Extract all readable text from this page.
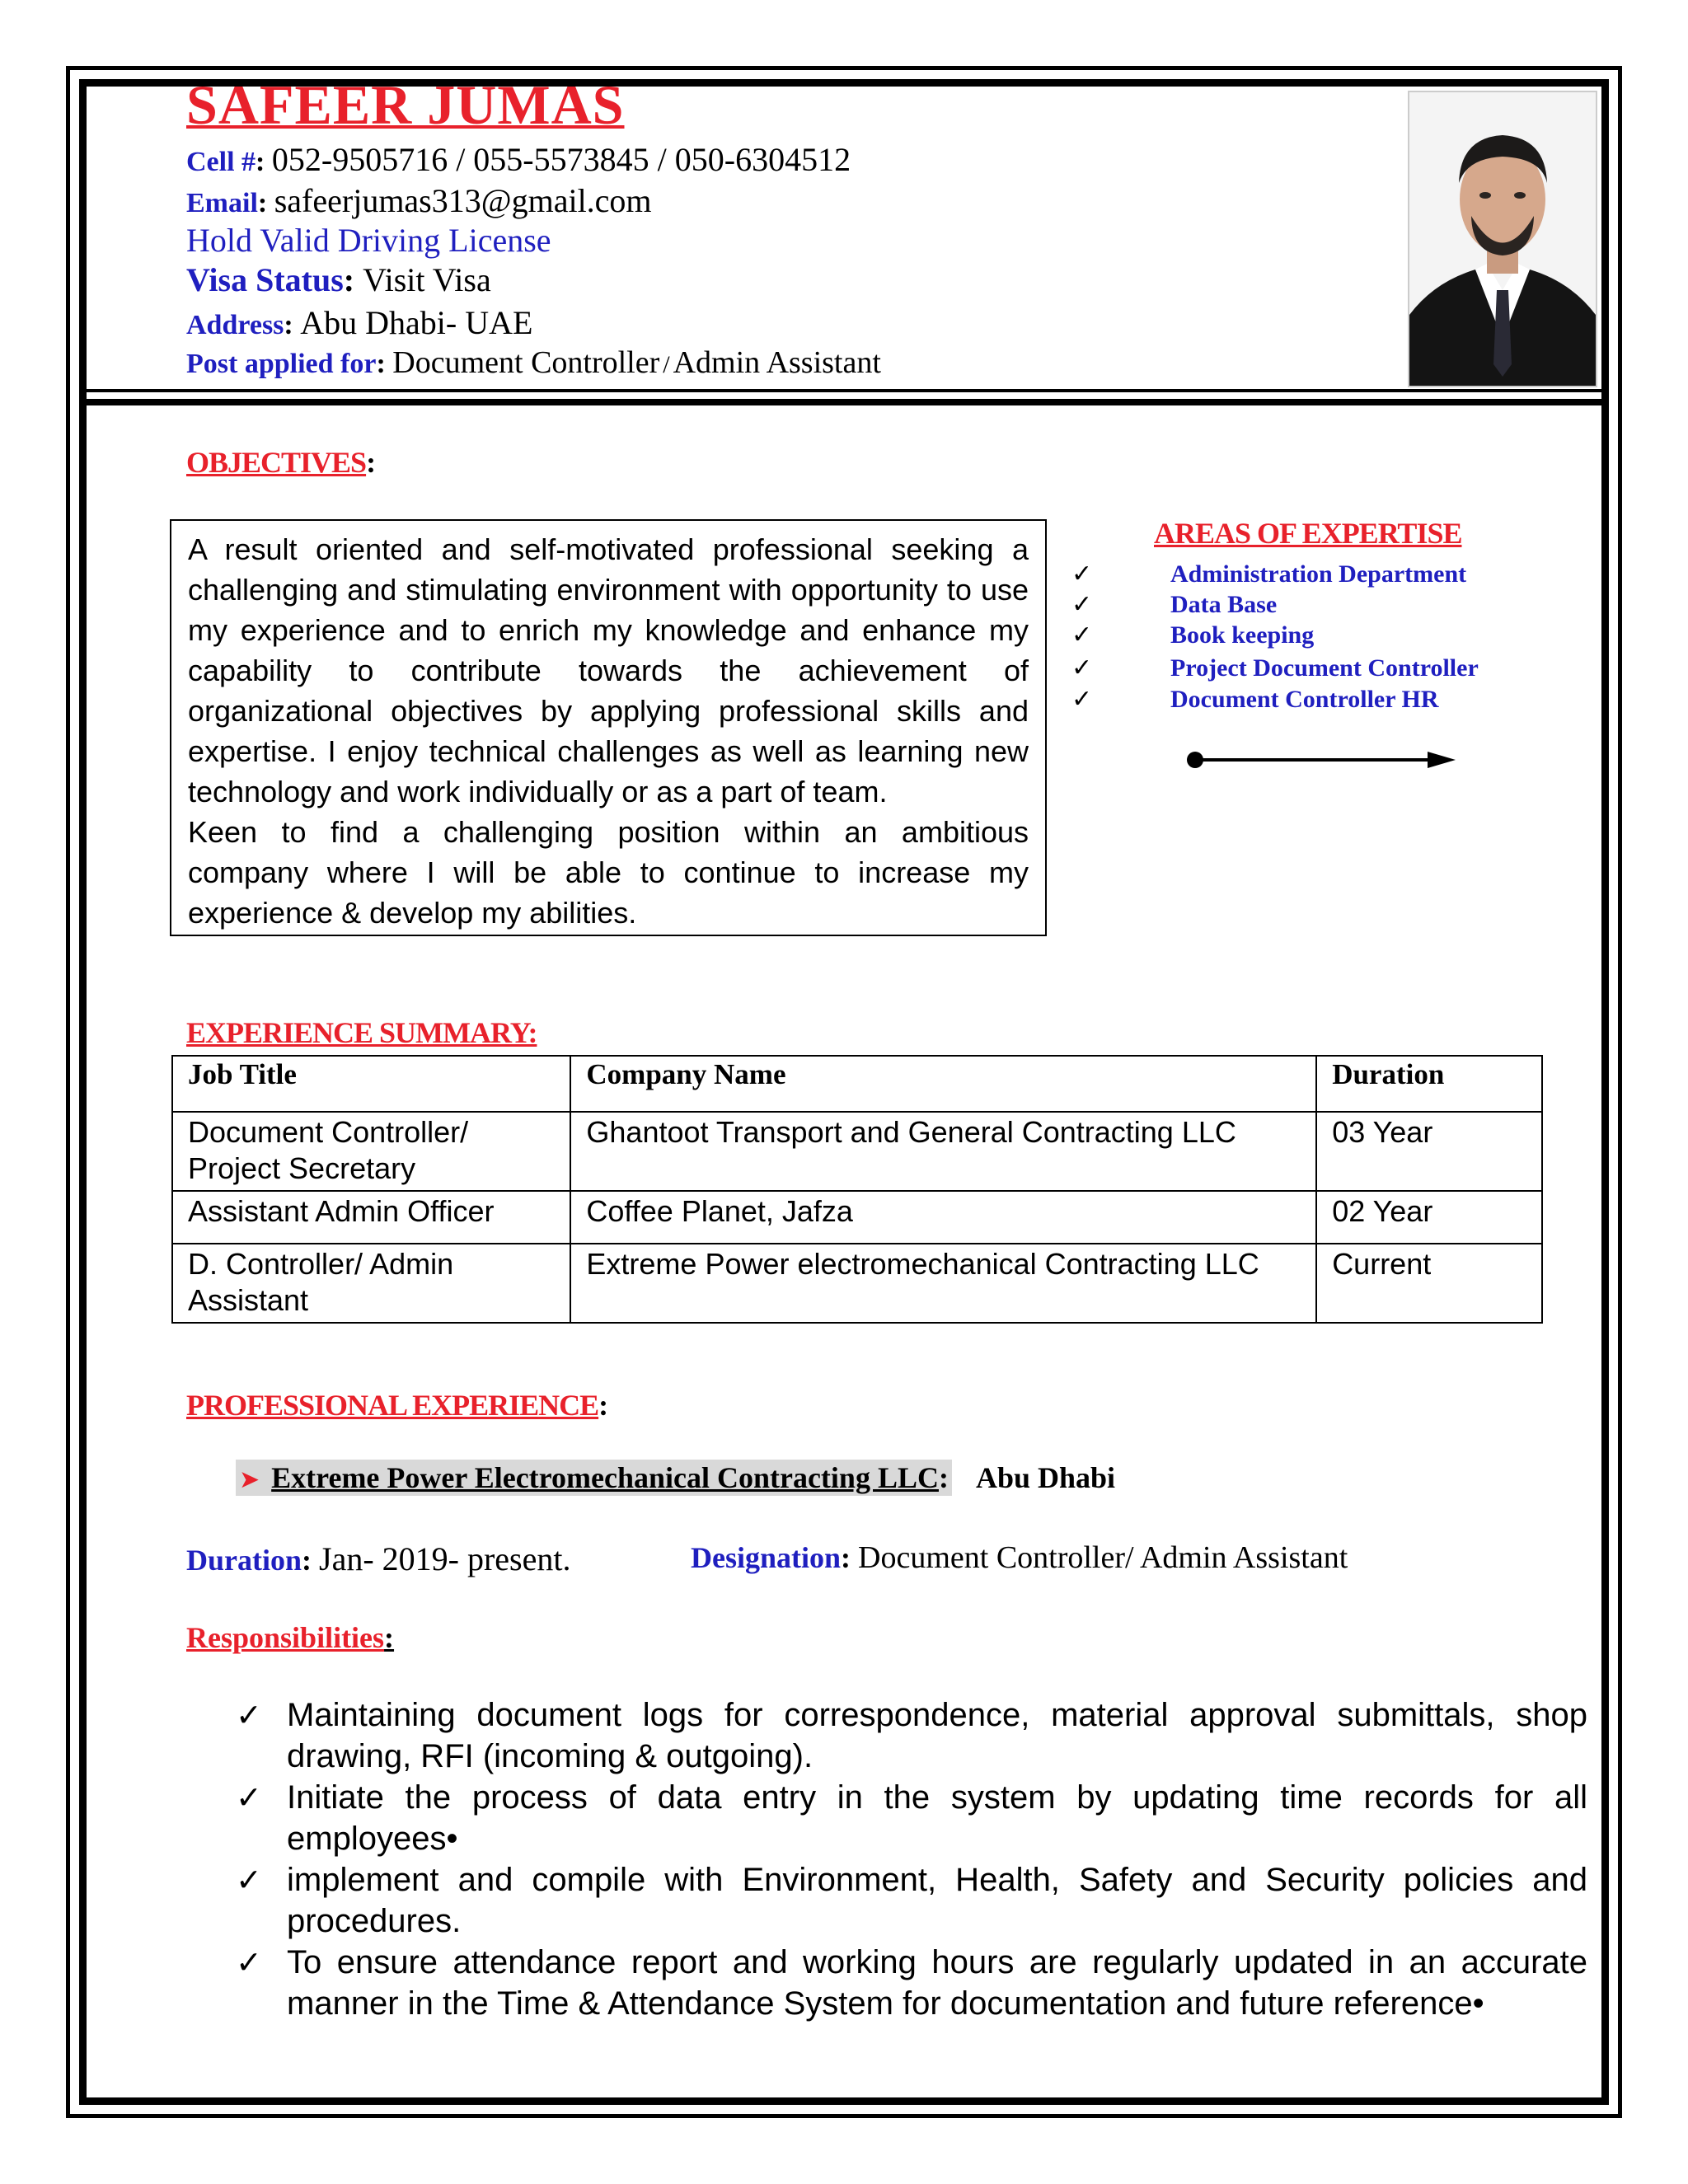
SAFEER JUMAS
Cell #: 052-9505716 / 055-5573845 / 050-6304512
Email: safeerjumas313@gmail.com
Hold Valid Driving License
Visa Status: Visit Visa
Address: Abu Dhabi- UAE
Post applied for: Document Controller / Admin Assistant
OBJECTIVES:

A result oriented and self-motivated professional seeking a challenging and stimulating environment with opportunity to use my experience and to enrich my knowledge and enhance my capability to contribute towards the achievement of organizational objectives by applying professional skills and expertise. I enjoy technical challenges as well as learning new technology and work individually or as a part of team.

Keen to find a challenging position within an ambitious company where I will be able to continue to increase my experience & develop my abilities.

AREAS OF EXPERTISE
✓	Administration Department
✓	Data Base
✓	Book keeping
✓	Project Document Controller
✓	Document Controller HR
EXPERIENCE SUMMARY:
Job Title	Company Name	Duration
Document Controller/ Project Secretary	Ghantoot Transport and General Contracting LLC	03 Year
Assistant Admin Officer	Coffee Planet, Jafza	02 Year
D. Controller/ Admin Assistant	Extreme Power electromechanical Contracting LLC	Current
PROFESSIONAL EXPERIENCE:
➤ Extreme Power Electromechanical Contracting LLC: Abu Dhabi
Duration: Jan- 2019- present.	Designation: Document Controller/ Admin Assistant
Responsibilities:
✓ Maintaining document logs for correspondence, material approval submittals, shop drawing, RFI (incoming & outgoing).
✓ Initiate the process of data entry in the system by updating time records for all employees•
✓ implement and compile with Environment, Health, Safety and Security policies and procedures.
✓ To ensure attendance report and working hours are regularly updated in an accurate manner in the Time & Attendance System for documentation and future reference•
